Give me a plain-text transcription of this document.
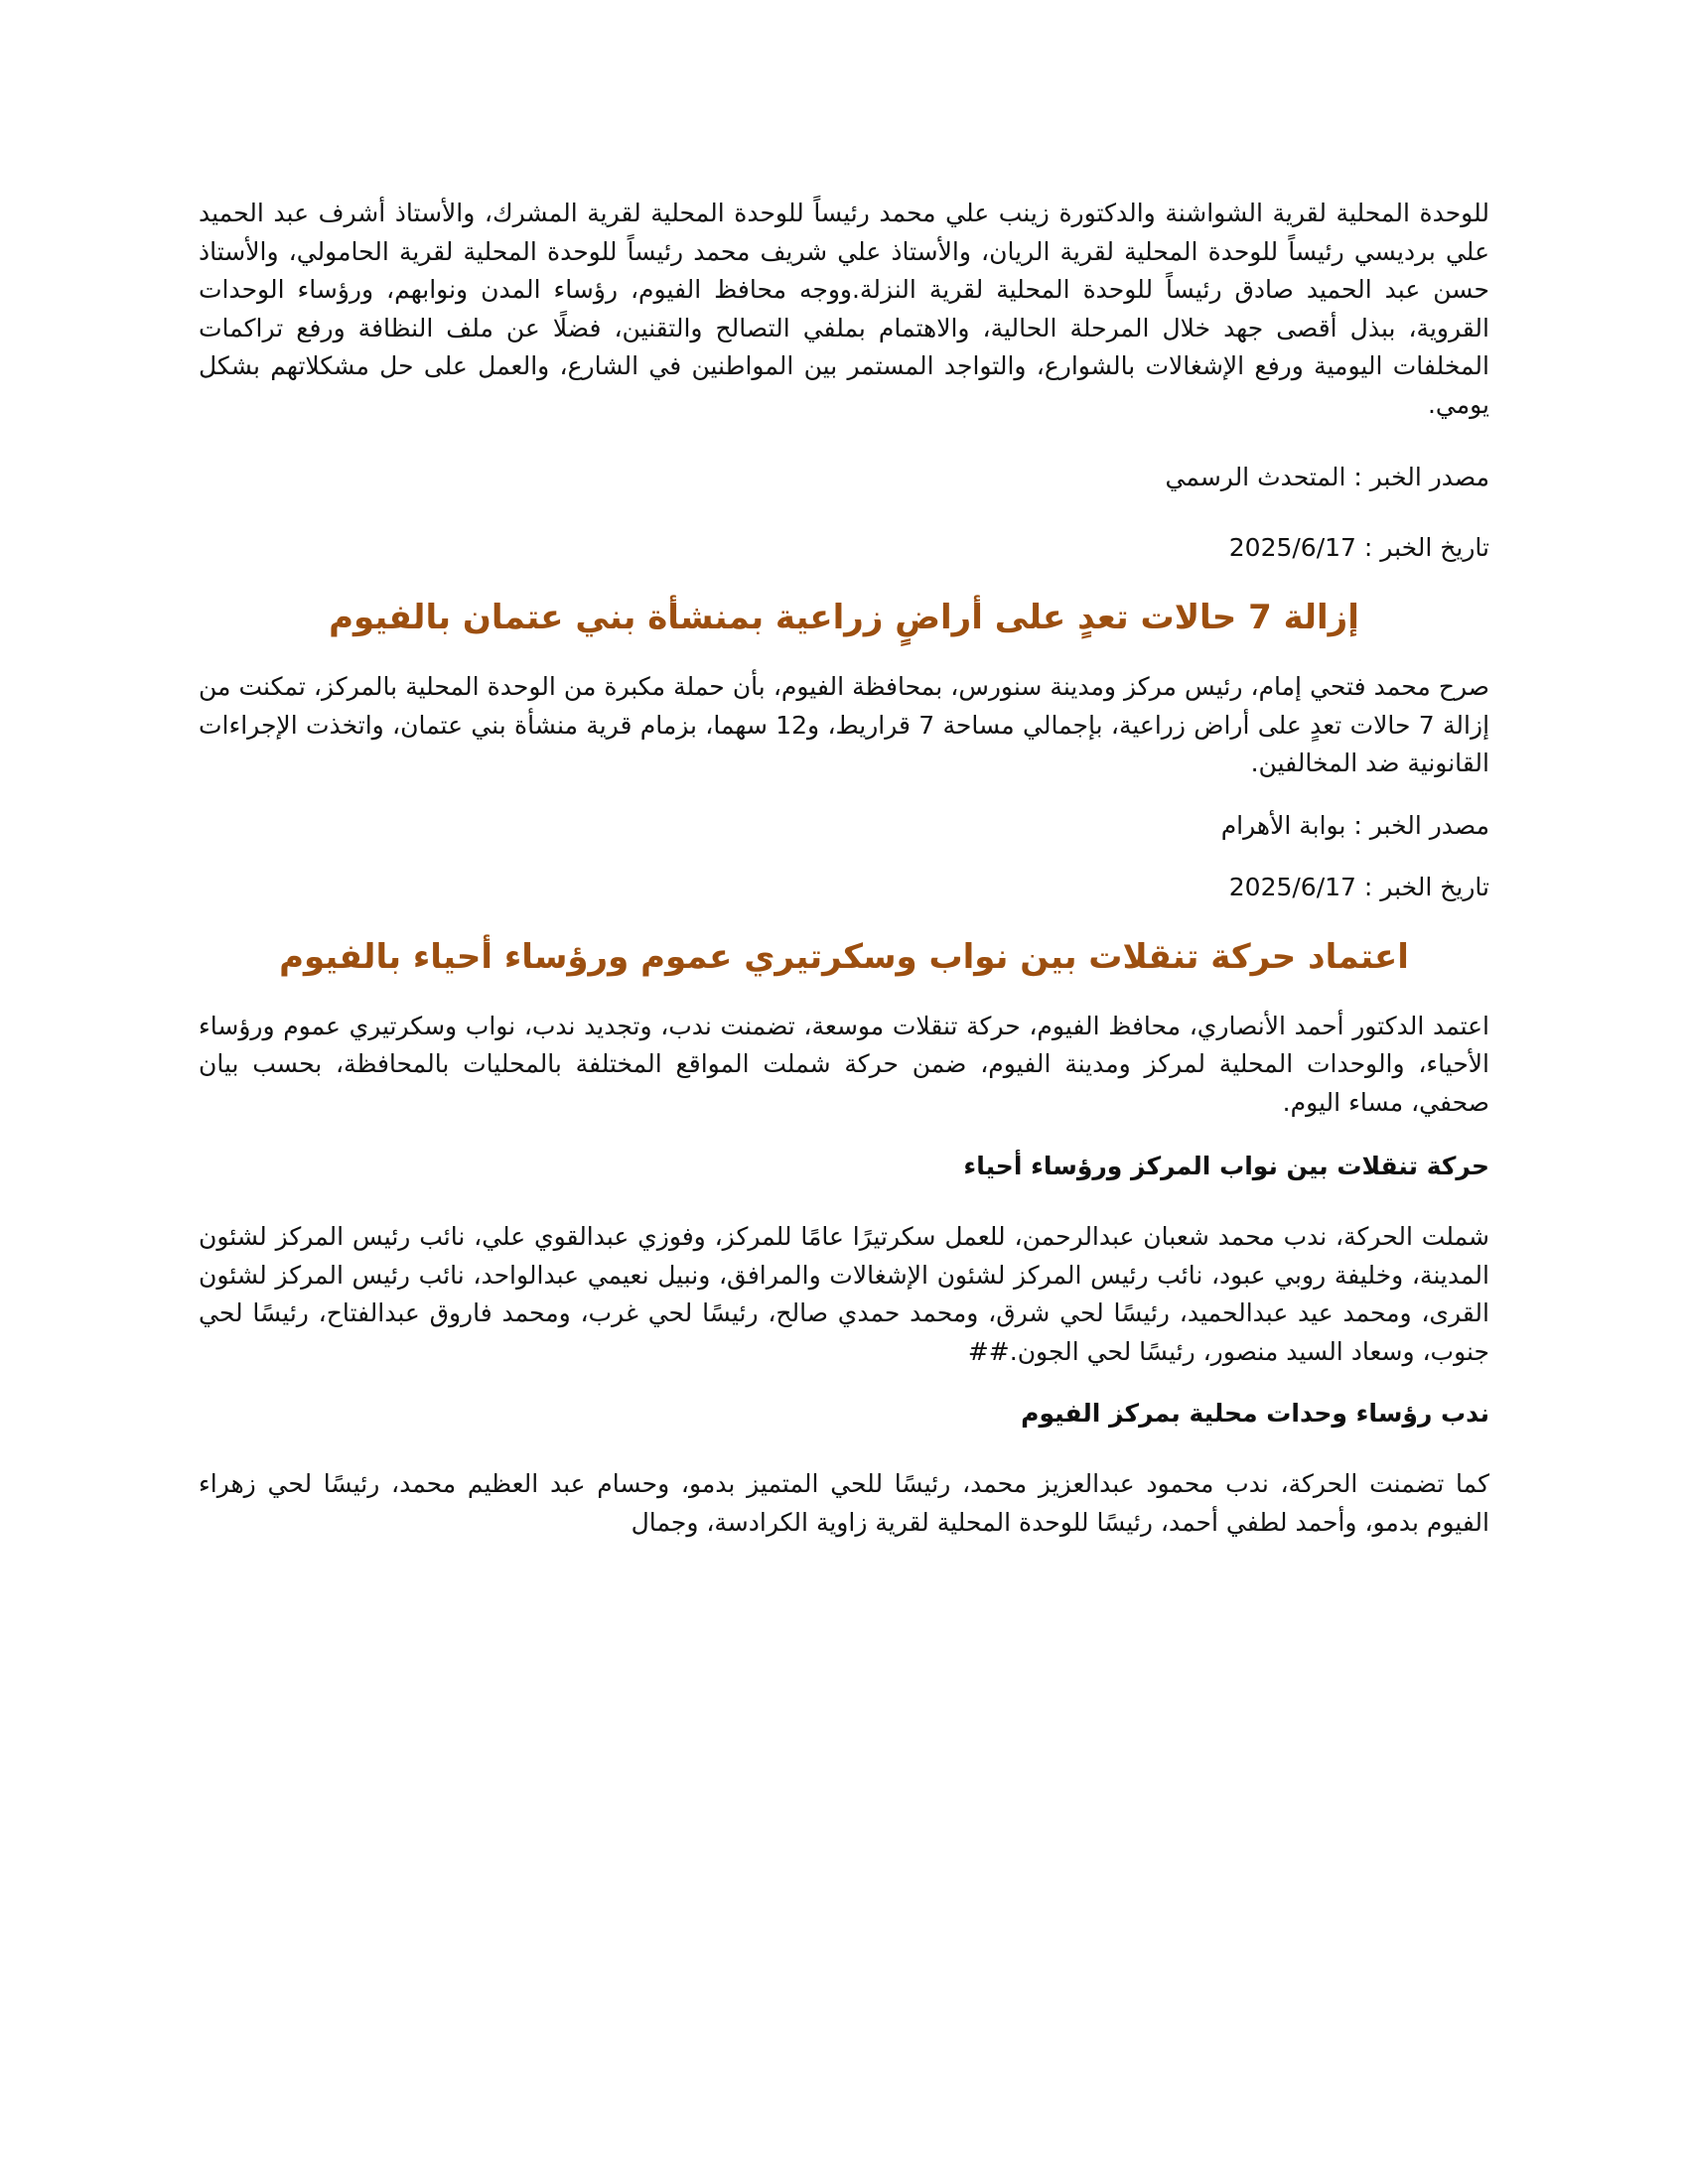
للوحدة المحلية لقرية الشواشنة والدكتورة زينب علي محمد رئيساً للوحدة المحلية لقرية المشرك، والأستاذ أشرف عبد الحميد علي برديسي رئيساً للوحدة المحلية لقرية الريان، والأستاذ علي شريف محمد رئيساً للوحدة المحلية لقرية الحامولي، والأستاذ حسن عبد الحميد صادق رئيساً للوحدة المحلية لقرية النزلة.ووجه محافظ الفيوم، رؤساء المدن ونوابهم، ورؤساء الوحدات القروية، ببذل أقصى جهد خلال المرحلة الحالية، والاهتمام بملفي التصالح والتقنين، فضلًا عن ملف النظافة ورفع تراكمات المخلفات اليومية ورفع الإشغالات بالشوارع، والتواجد المستمر بين المواطنين في الشارع، والعمل على حل مشكلاتهم بشكل يومي.

مصدر الخبر : المتحدث الرسمي

تاريخ الخبر : 2025/6/17

إزالة 7 حالات تعدٍ على أراضٍ زراعية بمنشأة بني عتمان بالفيوم

صرح محمد فتحي إمام، رئيس مركز ومدينة سنورس، بمحافظة الفيوم، بأن حملة مكبرة من الوحدة المحلية بالمركز، تمكنت من إزالة 7 حالات تعدٍ على أراض زراعية، بإجمالي مساحة 7 قراريط، و12 سهما، بزمام قرية منشأة بني عتمان، واتخذت الإجراءات القانونية ضد المخالفين.

مصدر الخبر : بوابة الأهرام

تاريخ الخبر : 2025/6/17

اعتماد حركة تنقلات بين نواب وسكرتيري عموم ورؤساء أحياء بالفيوم

اعتمد الدكتور أحمد الأنصاري، محافظ الفيوم، حركة تنقلات موسعة، تضمنت ندب، وتجديد ندب، نواب وسكرتيري عموم ورؤساء الأحياء، والوحدات المحلية لمركز ومدينة الفيوم، ضمن حركة شملت المواقع المختلفة بالمحليات بالمحافظة، بحسب بيان صحفي، مساء اليوم.

حركة تنقلات بين نواب المركز ورؤساء أحياء

شملت الحركة، ندب محمد شعبان عبدالرحمن، للعمل سكرتيرًا عامًا للمركز، وفوزي عبدالقوي علي، نائب رئيس المركز لشئون المدينة، وخليفة روبي عبود، نائب رئيس المركز لشئون الإشغالات والمرافق، ونبيل نعيمي عبدالواحد، نائب رئيس المركز لشئون القرى، ومحمد عيد عبدالحميد، رئيسًا لحي شرق، ومحمد حمدي صالح، رئيسًا لحي غرب، ومحمد فاروق عبدالفتاح، رئيسًا لحي جنوب، وسعاد السيد منصور، رئيسًا لحي الجون.##

ندب رؤساء وحدات محلية بمركز الفيوم

كما تضمنت الحركة، ندب محمود عبدالعزيز محمد، رئيسًا للحي المتميز بدمو، وحسام عبد العظيم محمد، رئيسًا لحي زهراء الفيوم بدمو، وأحمد لطفي أحمد، رئيسًا للوحدة المحلية لقرية زاوية الكرادسة، وجمال
